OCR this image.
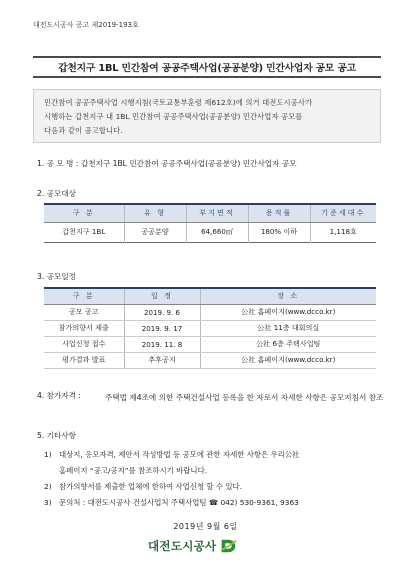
대전도시공사 공고 제2019-193호
갑천지구 1BL 민간참여 공공주택사업(공공분양) 민간사업자 공모 공고

민간참여 공공주택사업 시행지침(국토교통부훈령 제612호)에 의거 대전도시공사가

시행하는 갑천지구 내 1BL 민간참여 공공주택사업(공공분양) 민간사업자 공모를

다음과 같이 공고합니다.

1. 공 모 명 : 갑천지구 1BL 민간참여 공공주택사업(공공분양) 민간사업자 공모
2. 공모대상
구 분	유 형	부지면적	용적률	기준세대수
갑천지구 1BL	공공분양	64,660㎡	180% 이하	1,118호
3. 공모일정
구 분	일 정	장 소
공모 공고	2019. 9. 6	公社 홈페이지(www.dcco.kr)
참가의향서 제출	2019. 9. 17	公社 11층 대회의실
사업신청 접수	2019. 11. 8	公社 6층 주택사업팀
평가결과 발표	추후공지	公社 홈페이지(www.dcco.kr)
4. 참가자격 :	주택법 제4조에 의한 주택건설사업 등록을 한 자로서 자세한 사항은 공모지침서 참조
5. 기타사항
1)	대상지, 응모자격, 제안서 작성방법 등 공모에 관한 자세한 사항은 우리公社
홈페이지 “공고/공지”를 참조하시기 바랍니다.
2)	참가의향서를 제출한 업체에 한하여 사업신청 할 수 있다.
3)	문의처 : 대전도시공사 건설사업처 주택사업팀 ☎ 042) 530-9361, 9363
2019년 9월 6일
대전도시공사
